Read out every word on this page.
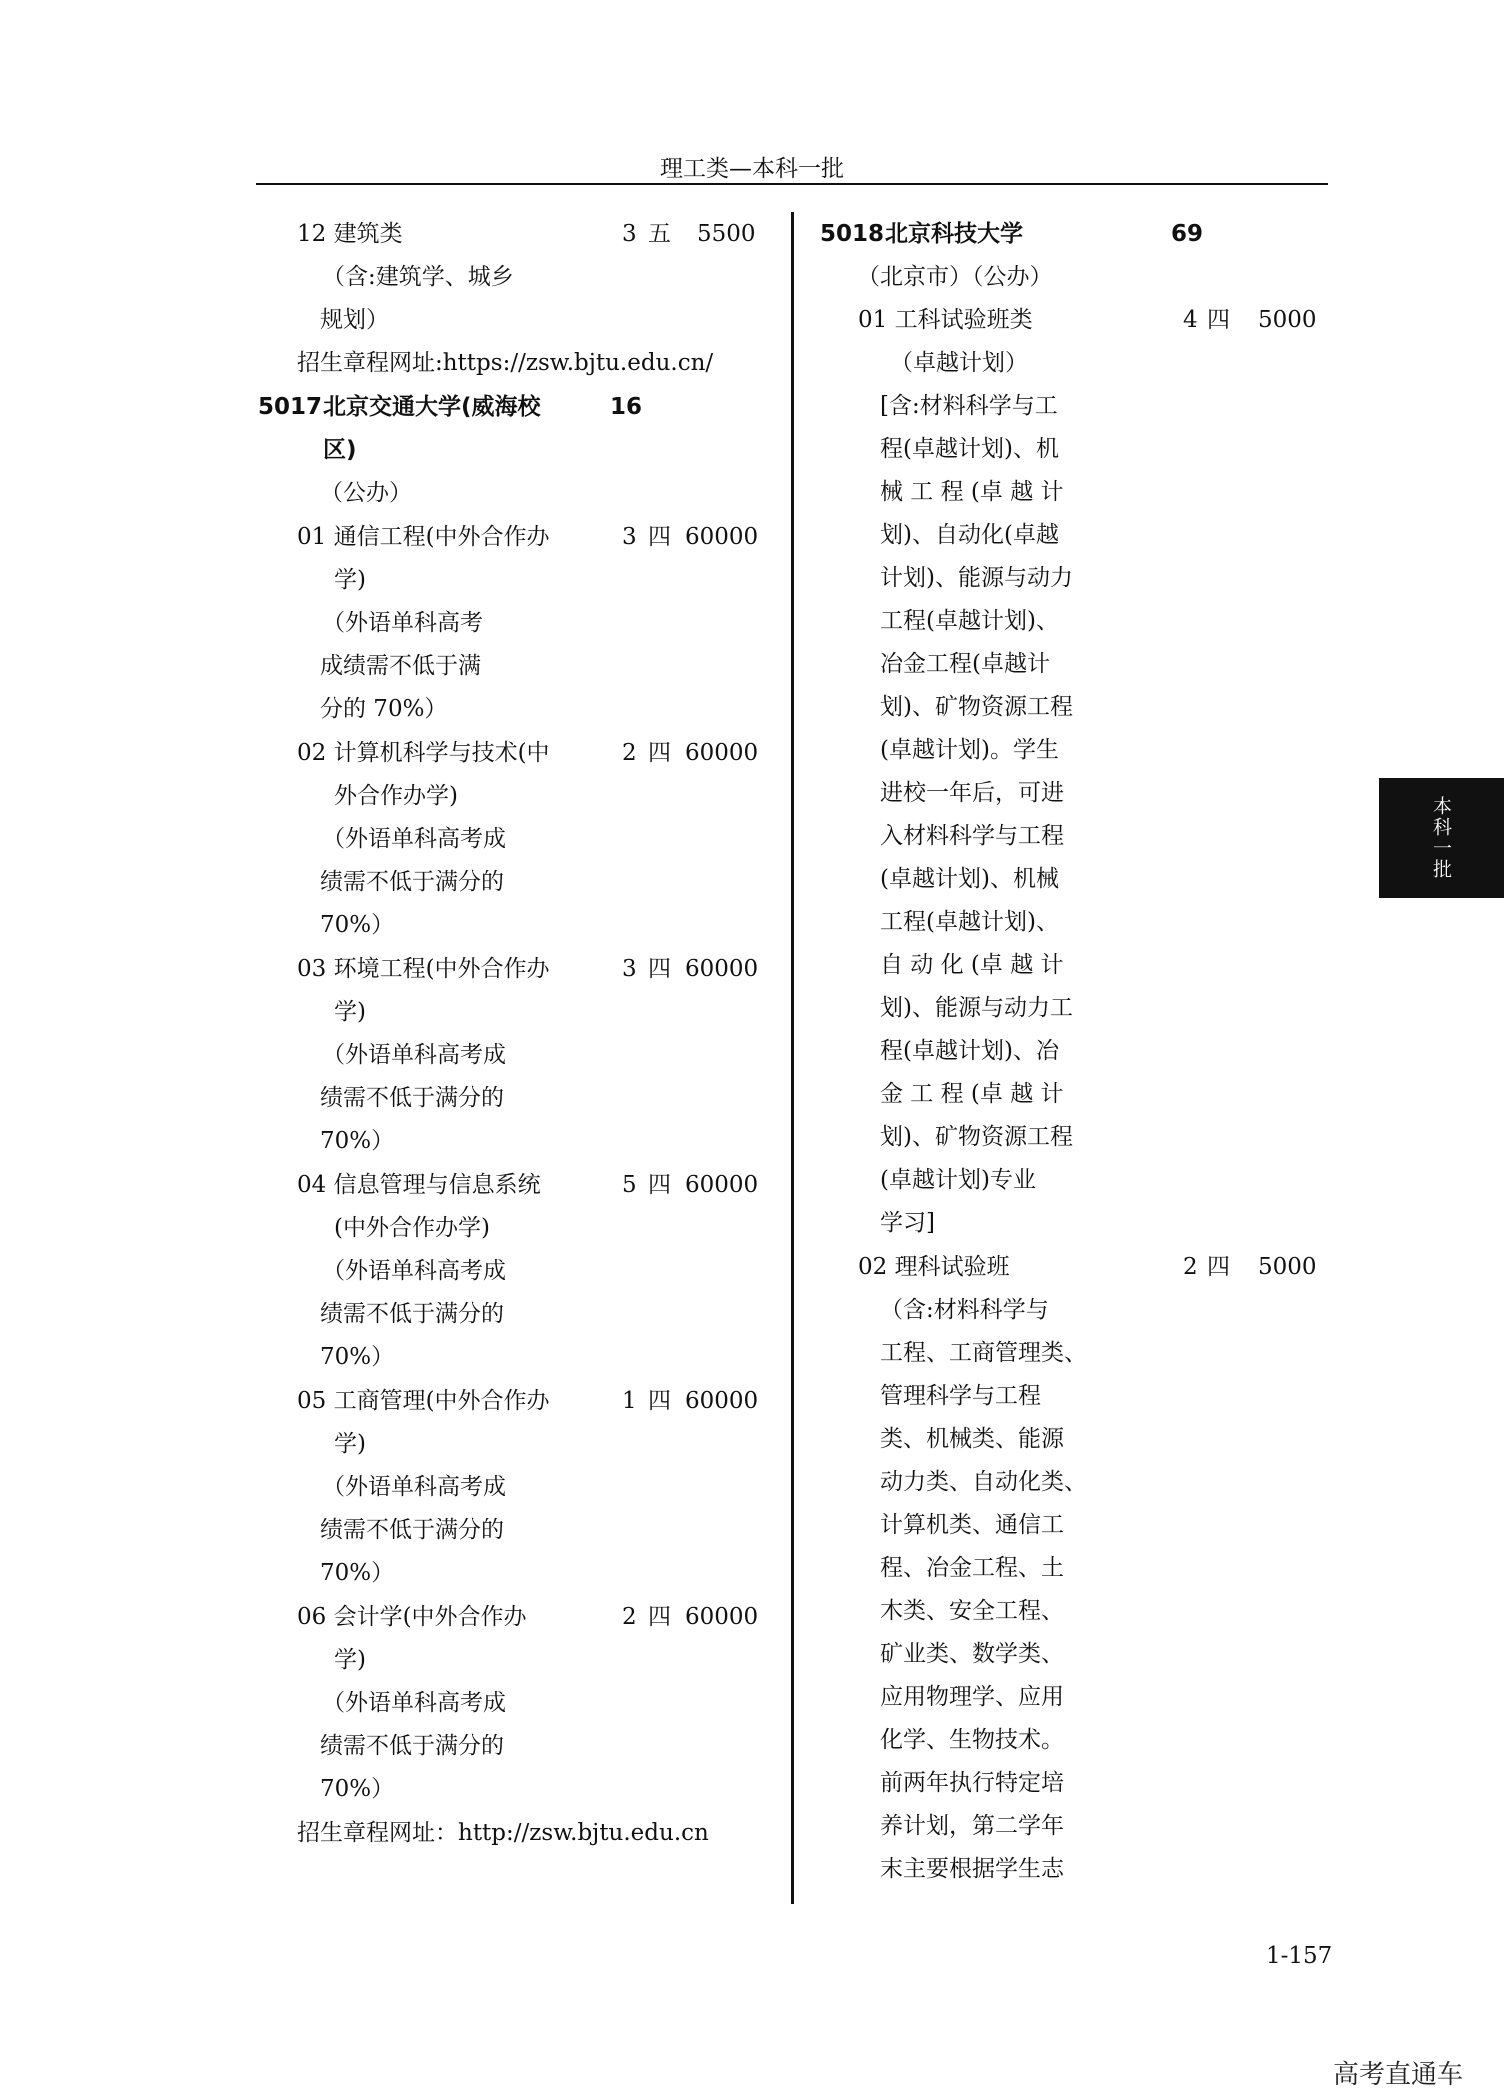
理工类—本科一批
12 建筑类	3 五 5500
（含:建筑学、城乡
规划）
招生章程网址:https://zsw.bjtu.edu.cn/
5017 北京交通大学(威海校	16
区)
（公办）
01 通信工程(中外合作办	3 四 60000
学)
（外语单科高考
成绩需不低于满
分的 70%）
02 计算机科学与技术(中	2 四 60000
外合作办学)
（外语单科高考成
绩需不低于满分的
70%）
03 环境工程(中外合作办	3 四 60000
学)
（外语单科高考成
绩需不低于满分的
70%）
04 信息管理与信息系统	5 四 60000
(中外合作办学)
（外语单科高考成
绩需不低于满分的
70%）
05 工商管理(中外合作办	1 四 60000
学)
（外语单科高考成
绩需不低于满分的
70%）
06 会计学(中外合作办	2 四 60000
学)
（外语单科高考成
绩需不低于满分的
70%）
招生章程网址：http://zsw.bjtu.edu.cn
5018 北京科技大学	69
（北京市）（公办）
01 工科试验班类	4 四 5000
（卓越计划）
[含:材料科学与工
程(卓越计划)、机
械 工 程 (卓 越 计
划)、自动化(卓越
计划)、能源与动力
工程(卓越计划)、
冶金工程(卓越计
划)、矿物资源工程
(卓越计划)。学生
进校一年后，可进
入材料科学与工程
(卓越计划)、机械
工程(卓越计划)、
自 动 化 (卓 越 计
划)、能源与动力工
程(卓越计划)、冶
金 工 程 (卓 越 计
划)、矿物资源工程
(卓越计划)专业
学习]
02 理科试验班	2 四 5000
（含:材料科学与
工程、工商管理类、
管理科学与工程
类、机械类、能源
动力类、自动化类、
计算机类、通信工
程、冶金工程、土
木类、安全工程、
矿业类、数学类、
应用物理学、应用
化学、生物技术。
前两年执行特定培
养计划，第二学年
末主要根据学生志
本科一批
1-157
高考直通车
